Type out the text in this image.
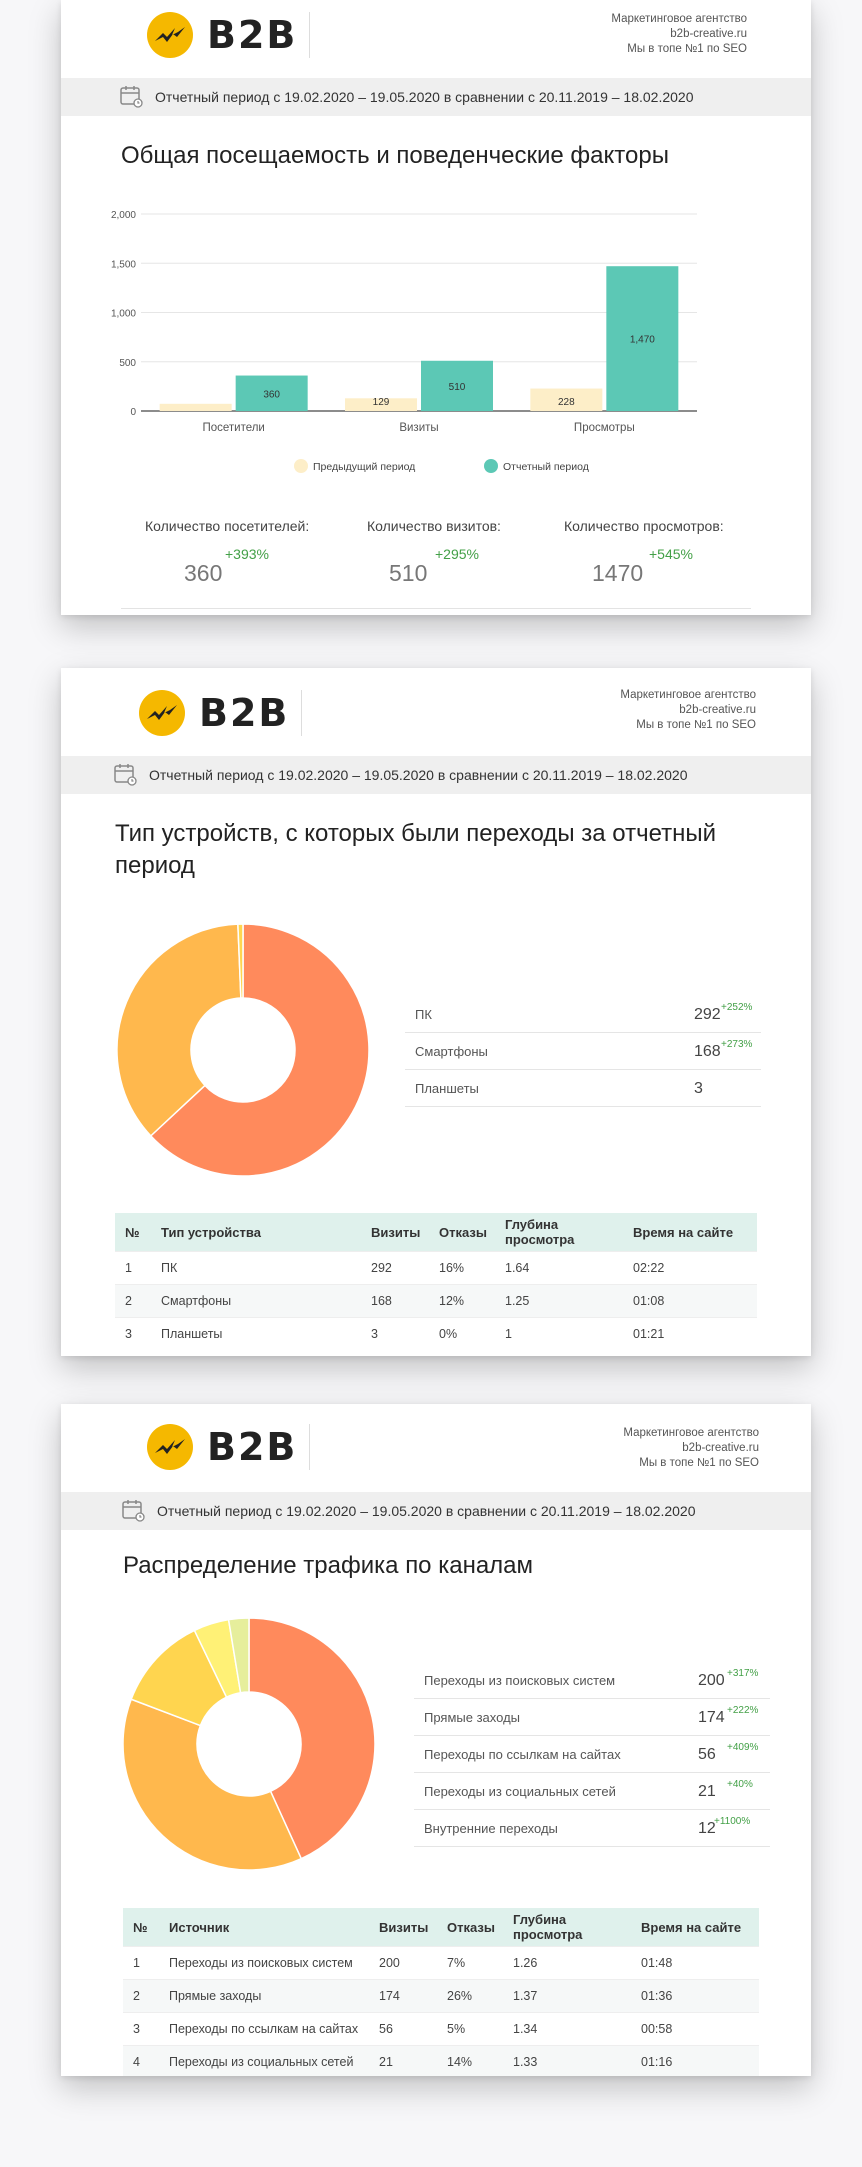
B2B	Маркетинговое агентство
b2b-creative.ru
Мы в топе №1 по SEO
Отчетный период с 19.02.2020 – 19.05.2020 в сравнении с 20.11.2019 – 18.02.2020
Общая посещаемость и поведенческие факторы
0
500
1,000
1,500
2,000
360
Посетители
129
510
Визиты
228
1,470
Просмотры
Предыдущий период	Отчетный период
Количество посетителей:
360
+393%
Количество визитов:
510
+295%
Количество просмотров:
1470
+545%
B2B	Маркетинговое агентство
b2b-creative.ru
Мы в топе №1 по SEO
Отчетный период с 19.02.2020 – 19.05.2020 в сравнении с 20.11.2019 – 18.02.2020
Тип устройств, с которых были переходы за отчетный период
ПК	292 +252%
Смартфоны	168 +273%
Планшеты	3
№	Тип устройства	Визиты	Отказы	Глубина просмотра	Время на сайте
1	ПК	292	16%	1.64	02:22
2	Смартфоны	168	12%	1.25	01:08
3	Планшеты	3	0%	1	01:21
B2B	Маркетинговое агентство
b2b-creative.ru
Мы в топе №1 по SEO
Отчетный период с 19.02.2020 – 19.05.2020 в сравнении с 20.11.2019 – 18.02.2020
Распределение трафика по каналам
Переходы из поисковых систем	200 +317%
Прямые заходы	174 +222%
Переходы по ссылкам на сайтах	56 +409%
Переходы из социальных сетей	21 +40%
Внутренние переходы	12
+1100%
№	Источник	Визиты	Отказы	Глубина просмотра	Время на сайте
1	Переходы из поисковых систем	200	7%	1.26	01:48
2	Прямые заходы	174	26%	1.37	01:36
3	Переходы по ссылкам на сайтах	56	5%	1.34	00:58
4	Переходы из социальных сетей	21	14%	1.33	01:16
